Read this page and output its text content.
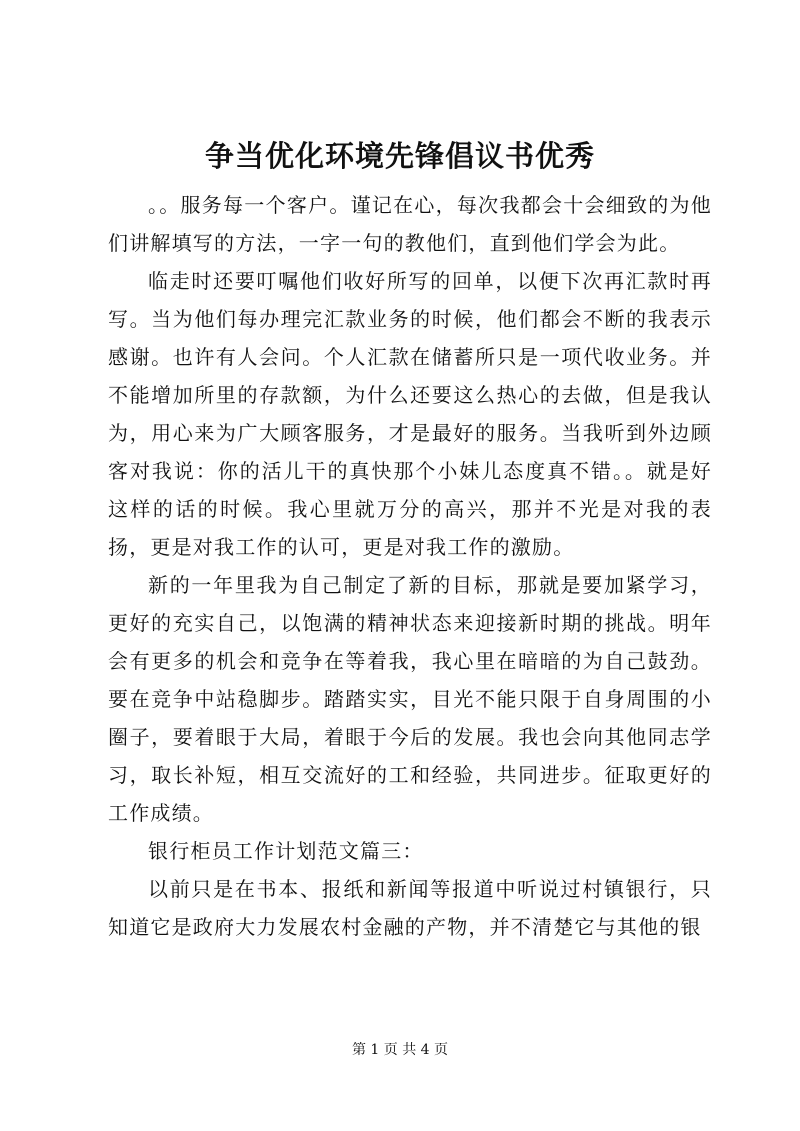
争当优化环境先锋倡议书优秀

。。服务每一个客户。谨记在心，每次我都会十会细致的为他们讲解填写的方法，一字一句的教他们，直到他们学会为此。

临走时还要叮嘱他们收好所写的回单，以便下次再汇款时再写。当为他们每办理完汇款业务的时候，他们都会不断的我表示感谢。也许有人会问。个人汇款在储蓄所只是一项代收业务。并不能增加所里的存款额，为什么还要这么热心的去做，但是我认为，用心来为广大顾客服务，才是最好的服务。当我听到外边顾客对我说：你的活儿干的真快那个小妹儿态度真不错。。就是好这样的话的时候。我心里就万分的高兴，那并不光是对我的表扬，更是对我工作的认可，更是对我工作的激励。

新的一年里我为自己制定了新的目标，那就是要加紧学习，更好的充实自己，以饱满的精神状态来迎接新时期的挑战。明年会有更多的机会和竞争在等着我，我心里在暗暗的为自己鼓劲。要在竞争中站稳脚步。踏踏实实，目光不能只限于自身周围的小圈子，要着眼于大局，着眼于今后的发展。我也会向其他同志学习，取长补短，相互交流好的工和经验，共同进步。征取更好的工作成绩。

银行柜员工作计划范文篇三：

以前只是在书本、报纸和新闻等报道中听说过村镇银行，只知道它是政府大力发展农村金融的产物，并不清楚它与其他的银

第 1 页 共 4 页
